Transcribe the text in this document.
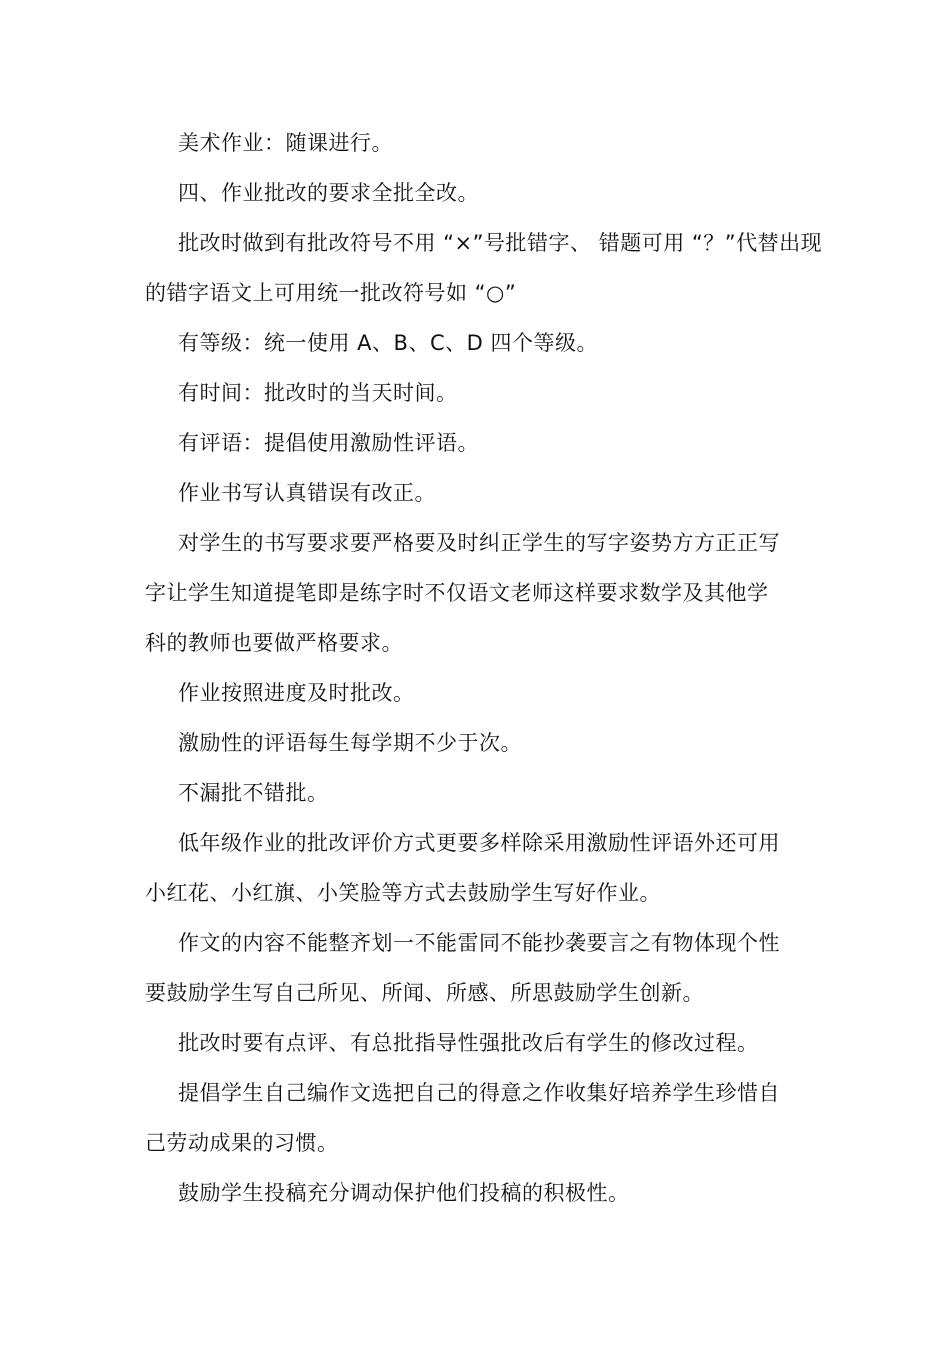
美术作业：随课进行。
四、作业批改的要求全批全改。
批改时做到有批改符号不用 “×”号批错字、 错题可用 “？”代替出现
的错字语文上可用统一批改符号如 “○”
有等级：统一使用 A、B、C、D 四个等级。
有时间：批改时的当天时间。
有评语：提倡使用激励性评语。
作业书写认真错误有改正。
对学生的书写要求要严格要及时纠正学生的写字姿势方方正正写
字让学生知道提笔即是练字时不仅语文老师这样要求数学及其他学
科的教师也要做严格要求。
作业按照进度及时批改。
激励性的评语每生每学期不少于次。
不漏批不错批。
低年级作业的批改评价方式更要多样除采用激励性评语外还可用
小红花、小红旗、小笑脸等方式去鼓励学生写好作业。
作文的内容不能整齐划一不能雷同不能抄袭要言之有物体现个性
要鼓励学生写自己所见、所闻、所感、所思鼓励学生创新。
批改时要有点评、有总批指导性强批改后有学生的修改过程。
提倡学生自己编作文选把自己的得意之作收集好培养学生珍惜自
己劳动成果的习惯。
鼓励学生投稿充分调动保护他们投稿的积极性。
